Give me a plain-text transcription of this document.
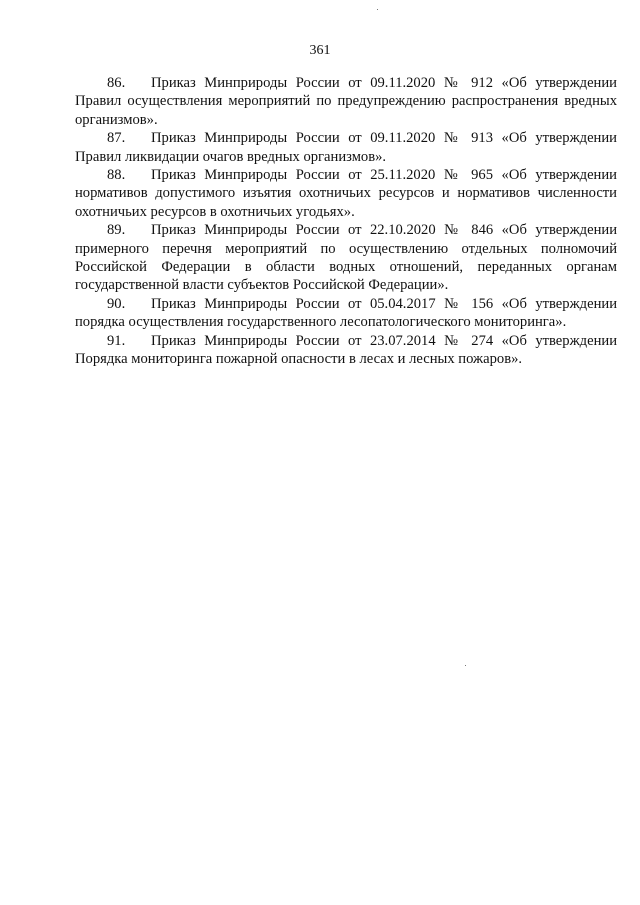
361

86. Приказ Минприроды России от 09.11.2020 № 912 «Об утверждении Правил осуществления мероприятий по предупреждению распространения вредных организмов».

87. Приказ Минприроды России от 09.11.2020 № 913 «Об утверждении Правил ликвидации очагов вредных организмов».

88. Приказ Минприроды России от 25.11.2020 № 965 «Об утверждении нормативов допустимого изъятия охотничьих ресурсов и нормативов численности охотничьих ресурсов в охотничьих угодьях».

89. Приказ Минприроды России от 22.10.2020 № 846 «Об утверждении примерного перечня мероприятий по осуществлению отдельных полномочий Российской Федерации в области водных отношений, переданных органам государственной власти субъектов Российской Федерации».

90. Приказ Минприроды России от 05.04.2017 № 156 «Об утверждении порядка осуществления государственного лесопатологического мониторинга».

91. Приказ Минприроды России от 23.07.2014 № 274 «Об утверждении Порядка мониторинга пожарной опасности в лесах и лесных пожаров».
